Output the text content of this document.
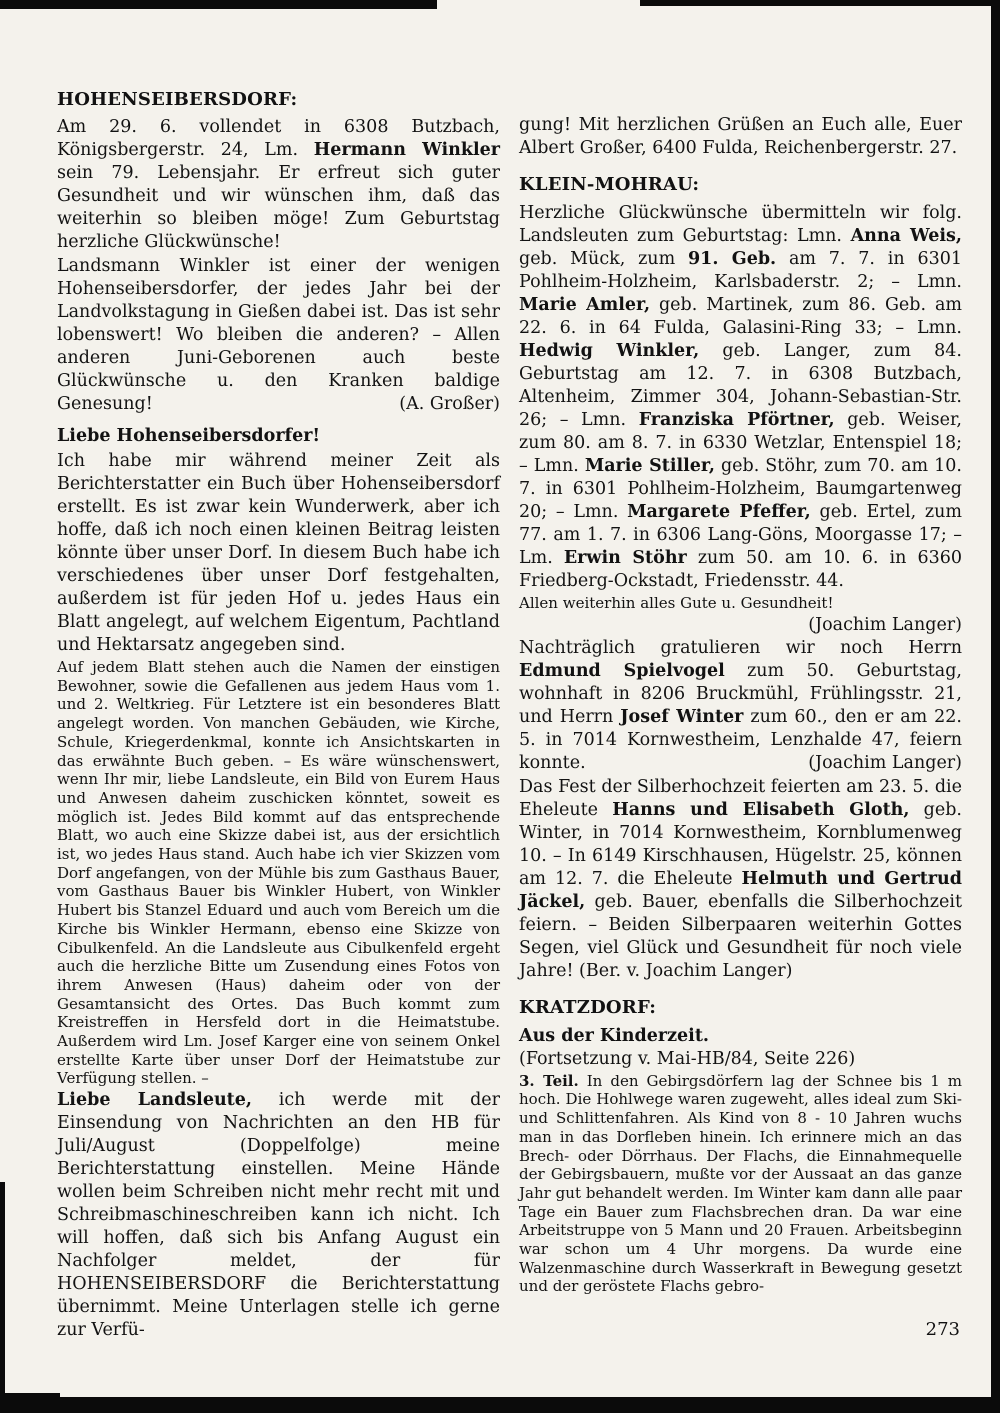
HOHENSEIBERSDORF:

Am 29. 6. vollendet in 6308 Butzbach, Königsbergerstr. 24, Lm. Hermann Winkler sein 79. Lebensjahr. Er erfreut sich guter Gesundheit und wir wünschen ihm, daß das weiterhin so bleiben möge! Zum Geburtstag herzliche Glückwünsche!

Landsmann Winkler ist einer der wenigen Hohenseibersdorfer, der jedes Jahr bei der Landvolkstagung in Gießen dabei ist. Das ist sehr lobenswert! Wo bleiben die anderen? – Allen anderen Juni-Geborenen auch beste Glückwünsche u. den Kranken baldige Genesung!	(A. Großer)

Liebe Hohenseibersdorfer!

Ich habe mir während meiner Zeit als Berichterstatter ein Buch über Hohenseibersdorf erstellt. Es ist zwar kein Wunderwerk, aber ich hoffe, daß ich noch einen kleinen Beitrag leisten könnte über unser Dorf. In diesem Buch habe ich verschiedenes über unser Dorf festgehalten, außerdem ist für jeden Hof u. jedes Haus ein Blatt angelegt, auf welchem Eigentum, Pachtland und Hektarsatz angegeben sind.

Auf jedem Blatt stehen auch die Namen der einstigen Bewohner, sowie die Gefallenen aus jedem Haus vom 1. und 2. Weltkrieg. Für Letztere ist ein besonderes Blatt angelegt worden. Von manchen Gebäuden, wie Kirche, Schule, Kriegerdenkmal, konnte ich Ansichtskarten in das erwähnte Buch geben. – Es wäre wünschenswert, wenn Ihr mir, liebe Landsleute, ein Bild von Eurem Haus und Anwesen daheim zuschicken könntet, soweit es möglich ist. Jedes Bild kommt auf das entsprechende Blatt, wo auch eine Skizze dabei ist, aus der ersichtlich ist, wo jedes Haus stand. Auch habe ich vier Skizzen vom Dorf angefangen, von der Mühle bis zum Gasthaus Bauer, vom Gasthaus Bauer bis Winkler Hubert, von Winkler Hubert bis Stanzel Eduard und auch vom Bereich um die Kirche bis Winkler Hermann, ebenso eine Skizze von Cibulkenfeld. An die Landsleute aus Cibulkenfeld ergeht auch die herzliche Bitte um Zusendung eines Fotos von ihrem Anwesen (Haus) daheim oder von der Gesamtansicht des Ortes. Das Buch kommt zum Kreistreffen in Hersfeld dort in die Heimatstube. Außerdem wird Lm. Josef Karger eine von seinem Onkel erstellte Karte über unser Dorf der Heimatstube zur Verfügung stellen. –

Liebe Landsleute, ich werde mit der Einsendung von Nachrichten an den HB für Juli/August (Doppelfolge) meine Berichterstattung einstellen. Meine Hände wollen beim Schreiben nicht mehr recht mit und Schreibmaschineschreiben kann ich nicht. Ich will hoffen, daß sich bis Anfang August ein Nachfolger meldet, der für HOHENSEIBERSDORF die Berichterstattung übernimmt. Meine Unterlagen stelle ich gerne zur Verfü-

gung! Mit herzlichen Grüßen an Euch alle, Euer Albert Großer, 6400 Fulda, Reichenbergerstr. 27.

KLEIN-MOHRAU:

Herzliche Glückwünsche übermitteln wir folg. Landsleuten zum Geburtstag: Lmn. Anna Weis, geb. Mück, zum 91. Geb. am 7. 7. in 6301 Pohlheim-Holzheim, Karlsbaderstr. 2; – Lmn. Marie Amler, geb. Martinek, zum 86. Geb. am 22. 6. in 64 Fulda, Galasini-Ring 33; – Lmn. Hedwig Winkler, geb. Langer, zum 84. Geburtstag am 12. 7. in 6308 Butzbach, Altenheim, Zimmer 304, Johann-Sebastian-Str. 26; – Lmn. Franziska Pförtner, geb. Weiser, zum 80. am 8. 7. in 6330 Wetzlar, Entenspiel 18; – Lmn. Marie Stiller, geb. Stöhr, zum 70. am 10. 7. in 6301 Pohlheim-Holzheim, Baumgartenweg 20; – Lmn. Margarete Pfeffer, geb. Ertel, zum 77. am 1. 7. in 6306 Lang-Göns, Moorgasse 17; – Lm. Erwin Stöhr zum 50. am 10. 6. in 6360 Friedberg-Ockstadt, Friedensstr. 44.

Allen weiterhin alles Gute u. Gesundheit!

(Joachim Langer)

Nachträglich gratulieren wir noch Herrn Edmund Spielvogel zum 50. Geburtstag, wohnhaft in 8206 Bruckmühl, Frühlingsstr. 21, und Herrn Josef Winter zum 60., den er am 22. 5. in 7014 Kornwestheim, Lenzhalde 47, feiern konnte.	(Joachim Langer)

Das Fest der Silberhochzeit feierten am 23. 5. die Eheleute Hanns und Elisabeth Gloth, geb. Winter, in 7014 Kornwestheim, Kornblumenweg 10. – In 6149 Kirschhausen, Hügelstr. 25, können am 12. 7. die Eheleute Helmuth und Gertrud Jäckel, geb. Bauer, ebenfalls die Silberhochzeit feiern. – Beiden Silberpaaren weiterhin Gottes Segen, viel Glück und Gesundheit für noch viele Jahre! (Ber. v. Joachim Langer)

KRATZDORF:
Aus der Kinderzeit.

(Fortsetzung v. Mai-HB/84, Seite 226)

3. Teil. In den Gebirgsdörfern lag der Schnee bis 1 m hoch. Die Hohlwege waren zugeweht, alles ideal zum Ski- und Schlittenfahren. Als Kind von 8 - 10 Jahren wuchs man in das Dorfleben hinein. Ich erinnere mich an das Brech- oder Dörrhaus. Der Flachs, die Einnahmequelle der Gebirgsbauern, mußte vor der Aussaat an das ganze Jahr gut behandelt werden. Im Winter kam dann alle paar Tage ein Bauer zum Flachsbrechen dran. Da war eine Arbeitstruppe von 5 Mann und 20 Frauen. Arbeitsbeginn war schon um 4 Uhr morgens. Da wurde eine Walzenmaschine durch Wasserkraft in Bewegung gesetzt und der geröstete Flachs gebro-

273
